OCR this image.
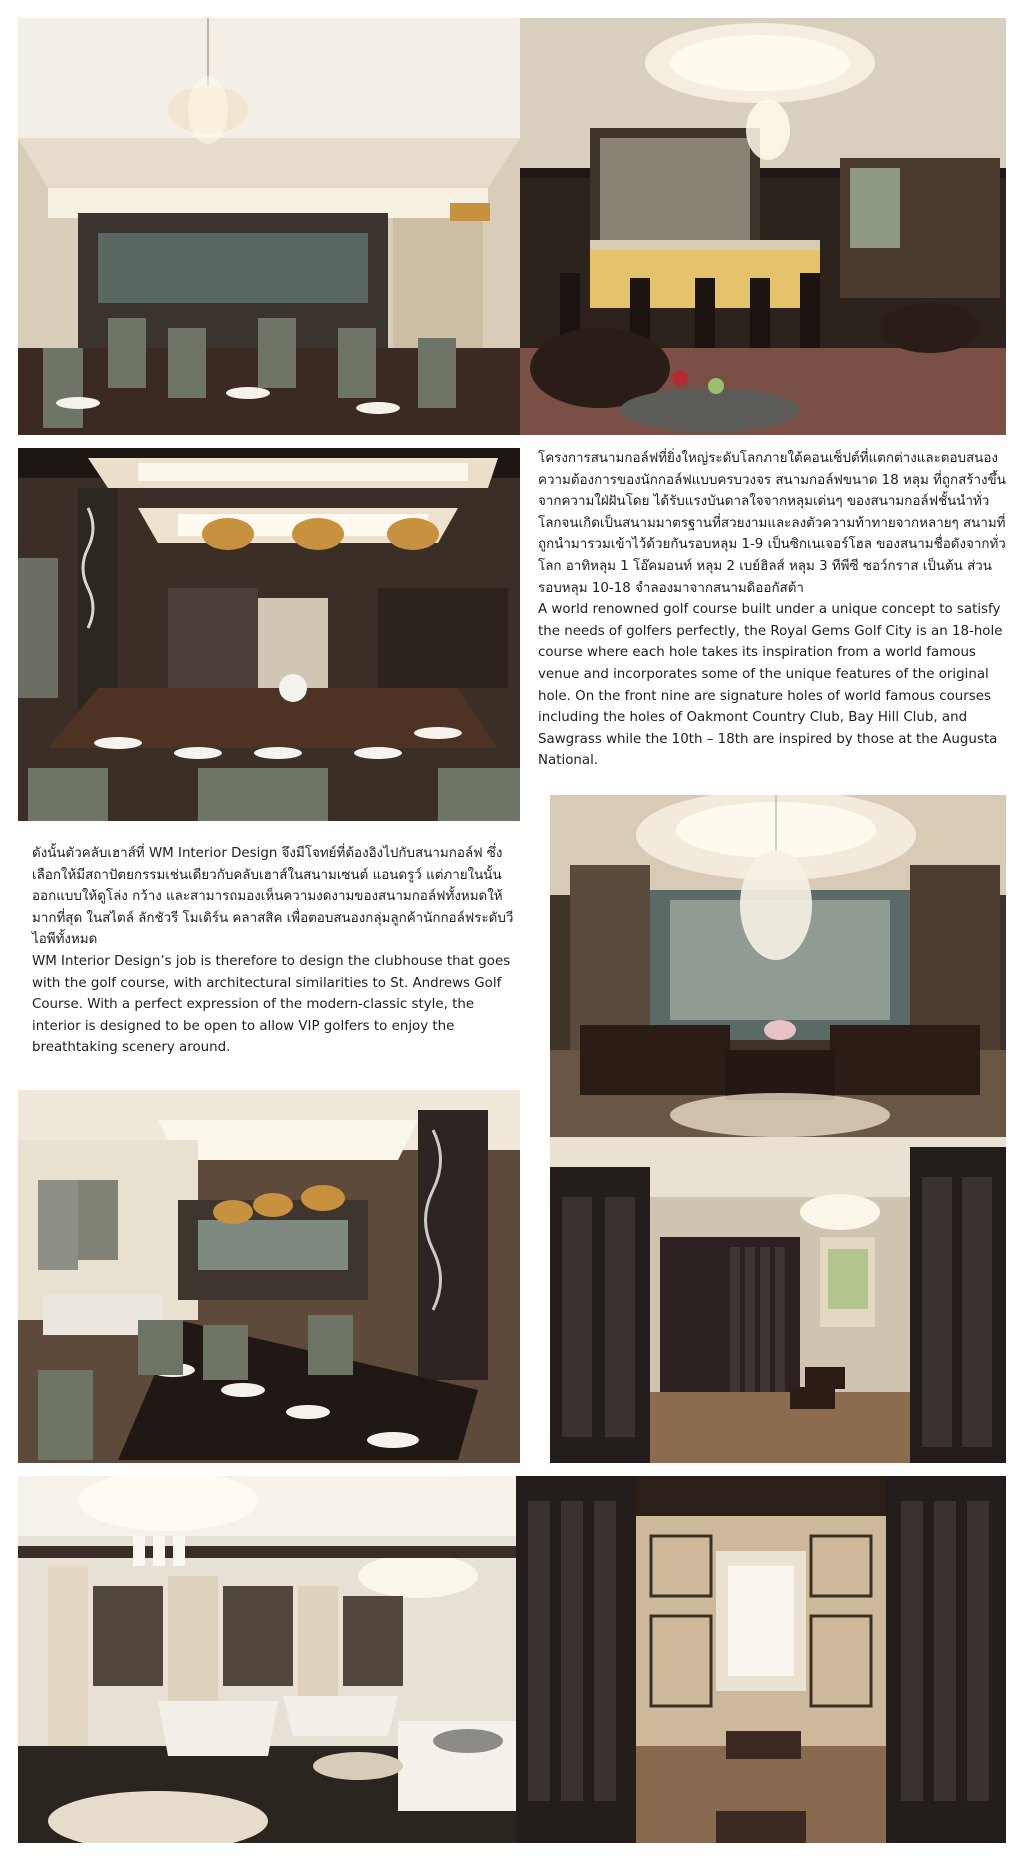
โครงการสนามกอล์ฟที่ยิ่งใหญ่ระดับโลกภายใต้คอนเซ็ปต์ที่แตกต่างและตอบสนองความต้องการของนักกอล์ฟแบบครบวงจร สนามกอล์ฟขนาด 18 หลุม ที่ถูกสร้างขึ้นจากความใฝ่ฝันโดย ได้รับแรงบันดาลใจจากหลุมเด่นๆ ของสนามกอล์ฟชั้นนำทั่วโลกจนเกิดเป็นสนามมาตรฐานที่สวยงามและลงตัวความท้าทายจากหลายๆ สนามที่ถูกนำมารวมเข้าไว้ด้วยกันรอบหลุม 1-9 เป็นซิกเนเจอร์โฮล ของสนามชื่อดังจากทั่วโลก อาทิหลุม 1 โอ๊คมอนท์ หลุม 2 เบย์ฮิลส์ หลุม 3 ทีพีซี ซอว์กราส เป็นต้น ส่วนรอบหลุม 10-18 จำลองมาจากสนามดิออกัสต้า

A world renowned golf course built under a unique concept to satisfy the needs of golfers perfectly, the Royal Gems Golf City is an 18-hole course where each hole takes its inspiration from a world famous venue and incorporates some of the unique features of the original hole. On the front nine are signature holes of world famous courses including the holes of Oakmont Country Club, Bay Hill Club, and Sawgrass while the 10th – 18th are inspired by those at the Augusta National.

ดังนั้นตัวคลับเฮาส์ที่ WM Interior Design จึงมีโจทย์ที่ต้องอิงไปกับสนามกอล์ฟ ซึ่งเลือกให้มีสถาปัตยกรรมเช่นเดียวกับคลับเฮาส์ในสนามเซนต์ แอนดรูว์ แต่ภายในนั้น ออกแบบให้ดูโล่ง กว้าง และสามารถมองเห็นความงดงามของสนามกอล์ฟทั้งหมดให้มากที่สุด ในสไตล์ ลักชัวรี โมเดิร์น คลาสสิค เพื่อตอบสนองกลุ่มลูกค้านักกอล์ฟระดับวีไอพีทั้งหมด

WM Interior Design’s job is therefore to design the clubhouse that goes with the golf course, with architectural similarities to St. Andrews Golf Course. With a perfect expression of the modern-classic style, the interior is designed to be open to allow VIP golfers to enjoy the breathtaking scenery around.
